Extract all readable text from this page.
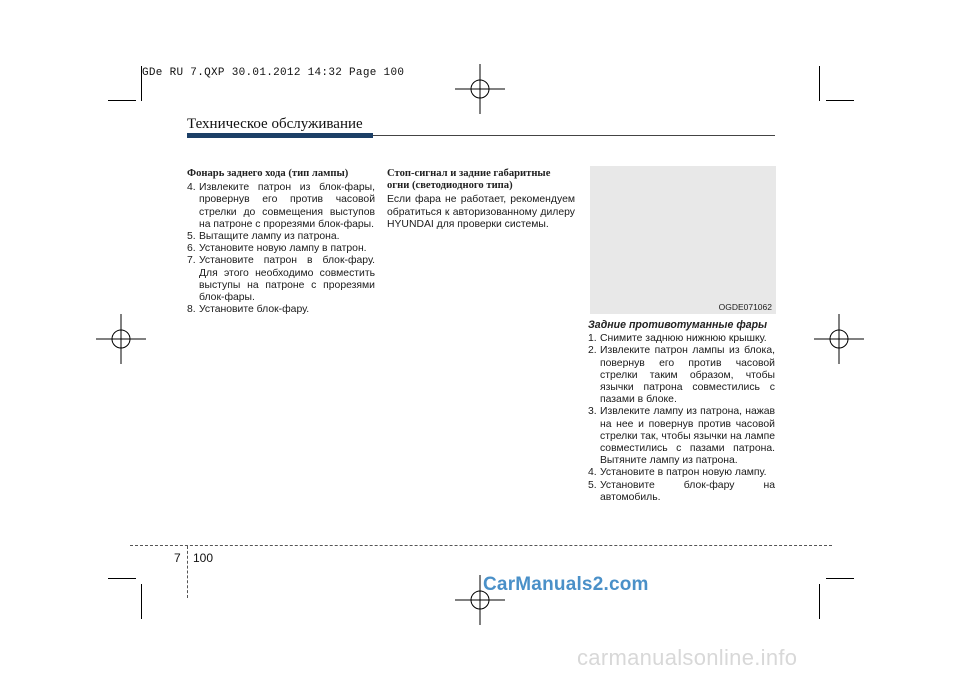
GDe RU 7.QXP 30.01.2012 14:32 Page 100
Техническое обслуживание

Фонарь заднего хода (тип лампы)

4. Извлеките патрон из блок-фары, провернув его против часовой стрелки до совмещения выступов на патроне с прорезями блок-фары.
5. Вытащите лампу из патрона.
6. Установите новую лампу в патрон.
7. Установите патрон в блок-фару. Для этого необходимо совместить выступы на патроне с прорезями блок-фары.
8. Установите блок-фару.

Стоп-сигнал и задние габаритные огни (светодиодного типа)

Если фара не работает, рекомендуем обратиться к авторизованному дилеру HYUNDAI для проверки системы.

OGDE071062

Задние противотуманные фары

1. Снимите заднюю нижнюю крышку.
2. Извлеките патрон лампы из блока, повернув его против часовой стрелки таким образом, чтобы язычки патрона совместились с пазами в блоке.
3. Извлеките лампу из патрона, нажав на нее и повернув против часовой стрелки так, чтобы язычки на лампе совместились с пазами патрона. Вытяните лампу из патрона.
4. Установите в патрон новую лампу.
5. Установите блок-фару на автомобиль.
7 100
CarManuals2.com
carmanualsonline.info
